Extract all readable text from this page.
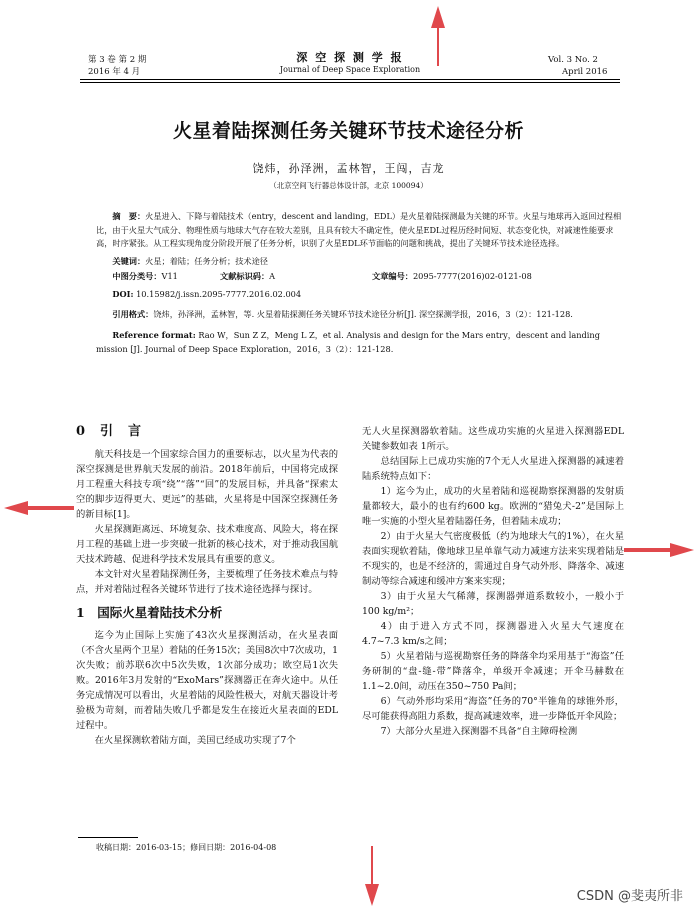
第 3 卷 第 2 期
2016 年 4 月
深 空 探 测 学 报
Journal of Deep Space Exploration
Vol. 3 No. 2
April 2016
火星着陆探测任务关键环节技术途径分析
饶炜，孙泽洲，孟林智，王闯，吉龙
（北京空间飞行器总体设计部，北京 100094）
摘　要：火星进入、下降与着陆技术（entry，descent and landing，EDL）是火星着陆探测最为关键的环节。火星与地球再入返回过程相比，由于火星大气成分、物理性质与地球大气存在较大差别，且具有较大不确定性，使火星EDL过程历经时间短、状态变化快，对减速性能要求高，时序紧张。从工程实现角度分阶段开展了任务分析，识别了火星EDL环节面临的问题和挑战，提出了关键环节技术途径选择。
关键词：火星；着陆；任务分析；技术途径
中图分类号：V11	文献标识码：A	文章编号：2095-7777(2016)02-0121-08
DOI: 10.15982/j.issn.2095-7777.2016.02.004
引用格式：饶炜，孙泽洲，孟林智，等. 火星着陆探测任务关键环节技术途径分析[J]. 深空探测学报，2016，3（2）：121-128.
Reference format: Rao W，Sun Z Z，Meng L Z，et al. Analysis and design for the Mars entry，descent and landing mission [J]. Journal of Deep Space Exploration，2016，3（2）：121-128.
0　引　言

航天科技是一个国家综合国力的重要标志，以火星为代表的深空探测是世界航天发展的前沿。2018年前后，中国将完成探月工程重大科技专项“绕”“落”“回”的发展目标，并具备“探索太空的脚步迈得更大、更远”的基础，火星将是中国深空探测任务的新目标[1]。

火星探测距离远、环境复杂、技术难度高、风险大，将在探月工程的基础上进一步突破一批新的核心技术，对于推动我国航天技术跨越、促进科学技术发展具有重要的意义。

本文针对火星着陆探测任务，主要梳理了任务技术难点与特点，并对着陆过程各关键环节进行了技术途径选择与探讨。

1　国际火星着陆技术分析

迄今为止国际上实施了43次火星探测活动，在火星表面（不含火星两个卫星）着陆的任务15次；美国8次中7次成功，1次失败；前苏联6次中5次失败，1次部分成功；欧空局1次失败。2016年3月发射的“ExoMars”探测器正在奔火途中。从任务完成情况可以看出，火星着陆的风险性极大，对航天器设计考验极为苛刻，而着陆失败几乎都是发生在接近火星表面的EDL过程中。

在火星探测软着陆方面，美国已经成功实现了7个

收稿日期：2016-03-15；修回日期：2016-04-08

无人火星探测器软着陆。这些成功实施的火星进入探测器EDL关键参数如表 1所示。

总结国际上已成功实施的7个无人火星进入探测器的减速着陆系统特点如下：

1）迄今为止，成功的火星着陆和巡视勘察探测器的发射质量都较大，最小的也有约600 kg。欧洲的“猎兔犬-2”是国际上唯一实施的小型火星着陆器任务，但着陆未成功；

2）由于火星大气密度极低（约为地球大气的1%），在火星表面实现软着陆，像地球卫星单靠气动力减速方法来实现着陆是不现实的，也是不经济的，需通过自身气动外形、降落伞、减速制动等综合减速和缓冲方案来实现；

3）由于火星大气稀薄，探测器弹道系数较小，一般小于100 kg/m²；

4）由于进入方式不同，探测器进入火星大气速度在4.7~7.3 km/s之间；

5）火星着陆与巡视勘察任务的降落伞均采用基于“海盗”任务研制的“盘-缝-带”降落伞，单级开伞减速；开伞马赫数在1.1~2.0间，动压在350~750 Pa间；

6）气动外形均采用“海盗”任务的70°半锥角的球锥外形，尽可能获得高阻力系数，提高减速效率，进一步降低开伞风险；

7）大部分火星进入探测器不具备“自主障碍检测

CSDN @斐夷所非
